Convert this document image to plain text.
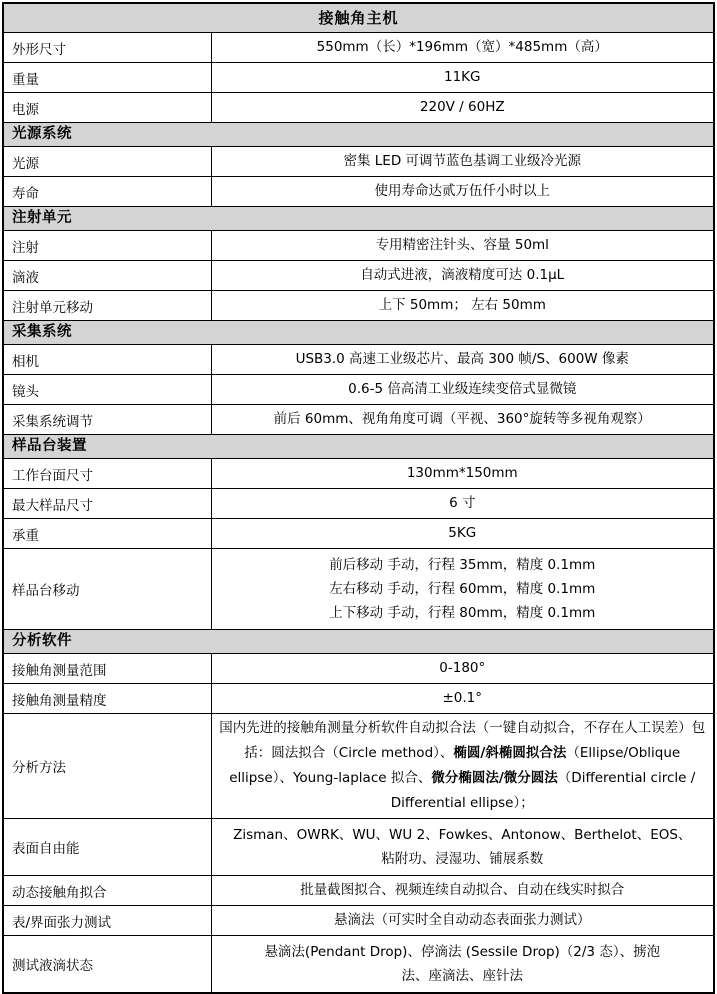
接触角主机	
外形尺寸	550mm（长）*196mm（宽）*485mm（高）
重量	11KG
电源	220V / 60HZ
光源系统	
光源	密集 LED 可调节蓝色基调工业级冷光源
寿命	使用寿命达贰万伍仟小时以上
注射单元	
注射	专用精密注针头、容量 50ml
滴液	自动式进液，滴液精度可达 0.1μL
注射单元移动	上下 50mm； 左右 50mm
采集系统	
相机	USB3.0 高速工业级芯片、最高 300 帧/S、600W 像素
镜头	0.6-5 倍高清工业级连续变倍式显微镜
采集系统调节	前后 60mm、视角角度可调（平视、360°旋转等多视角观察）
样品台装置	
工作台面尺寸	130mm*150mm
最大样品尺寸	6 寸
承重	5KG
样品台移动	前后移动 手动，行程 35mm，精度 0.1mm
左右移动 手动，行程 60mm，精度 0.1mm
上下移动 手动，行程 80mm，精度 0.1mm

分析软件	
接触角测量范围	0-180°
接触角测量精度	±0.1°
分析方法	国内先进的接触角测量分析软件自动拟合法（一键自动拟合，不存在人工误差）包括：圆法拟合（Circle method）、椭圆/斜椭圆拟合法（Ellipse/Oblique ellipse）、Young-laplace 拟合、微分椭圆法/微分圆法（Differential circle / Differential ellipse）；
表面自由能	Zisman、OWRK、WU、WU 2、Fowkes、Antonow、Berthelot、EOS、
粘附功、浸湿功、铺展系数

动态接触角拟合	批量截图拟合、视频连续自动拟合、自动在线实时拟合
表/界面张力测试	悬滴法（可实时全自动动态表面张力测试）
测试液滴状态	悬滴法(Pendant Drop)、停滴法 (Sessile Drop)（2/3 态）、掳泡
法、座滴法、座针法
